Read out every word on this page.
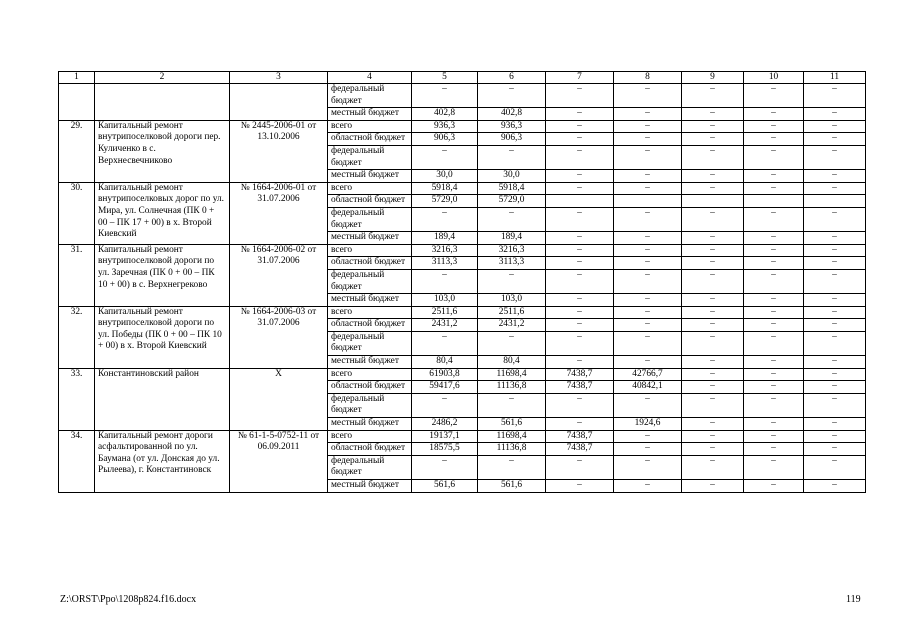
1	2	3	4	5	6	7	8	9	10	11
			федеральный бюджет	–	–	–	–	–	–	–
			местный бюджет	402,8	402,8	–	–	–	–	–
29.	Капитальный ремонт внутрипоселковой дороги пер. Куличенко в с. Верхнесвечниково	№ 2445-2006-01 от 13.10.2006	всего	936,3	936,3	–	–	–	–	–
			областной бюджет	906,3	906,3	–	–	–	–	–
			федеральный бюджет	–	–	–	–	–	–	–
			местный бюджет	30,0	30,0	–	–	–	–	–
30.	Капитальный ремонт внутрипоселковых дорог по ул. Мира, ул. Солнечная (ПК 0 + 00 – ПК 17 + 00) в х. Второй Киевский	№ 1664-2006-01 от 31.07.2006	всего	5918,4	5918,4	–	–	–	–	–
			областной бюджет	5729,0	5729,0					
			федеральный бюджет	–	–	–	–	–	–	–
			местный бюджет	189,4	189,4	–	–	–	–	–
31.	Капитальный ремонт внутрипоселковой дороги по ул. Заречная (ПК 0 + 00 – ПК 10 + 00) в с. Верхнегреково	№ 1664-2006-02 от 31.07.2006	всего	3216,3	3216,3	–	–	–	–	–
			областной бюджет	3113,3	3113,3	–	–	–	–	–
			федеральный бюджет	–	–	–	–	–	–	–
			местный бюджет	103,0	103,0	–	–	–	–	–
32.	Капитальный ремонт внутрипоселковой дороги по ул. Победы (ПК 0 + 00 – ПК 10 + 00) в х. Второй Киевский	№ 1664-2006-03 от 31.07.2006	всего	2511,6	2511,6	–	–	–	–	–
			областной бюджет	2431,2	2431,2	–	–	–	–	–
			федеральный бюджет	–	–	–	–	–	–	–
			местный бюджет	80,4	80,4	–	–	–	–	–
33.	Константиновский район	Х	всего	61903,8	11698,4	7438,7	42766,7	–	–	–
			областной бюджет	59417,6	11136,8	7438,7	40842,1	–	–	–
			федеральный бюджет	–	–	–	–	–	–	–
			местный бюджет	2486,2	561,6	–	1924,6	–	–	–
34.	Капитальный ремонт дороги асфальтированной по ул. Баумана (от ул. Донская до ул. Рылеева), г. Константиновск	№ 61-1-5-0752-11 от 06.09.2011	всего	19137,1	11698,4	7438,7	–	–	–	–
			областной бюджет	18575,5	11136,8	7438,7	–	–	–	–
			федеральный бюджет	–	–	–	–	–	–	–
			местный бюджет	561,6	561,6	–	–	–	–	–
Z:\ORST\Ppo\1208p824.f16.docx	119
